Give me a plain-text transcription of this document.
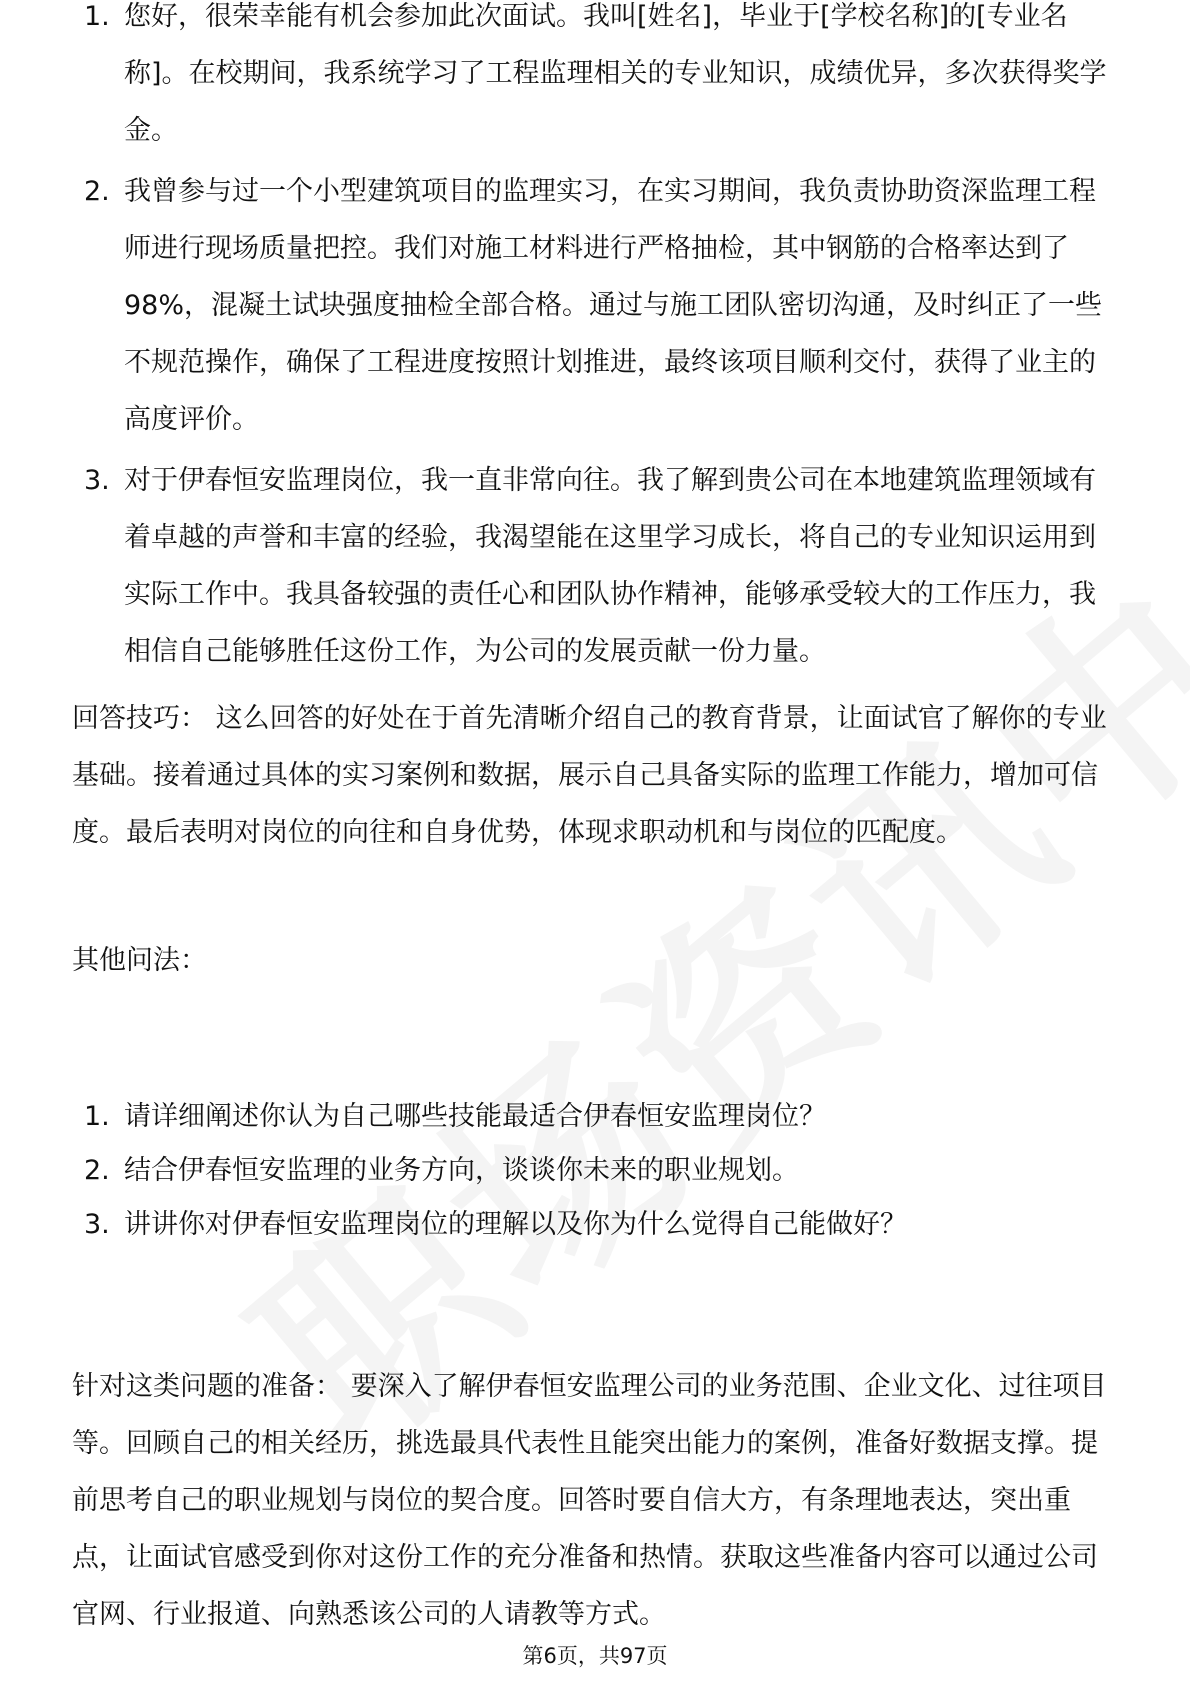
1. 您好，很荣幸能有机会参加此次面试。我叫[姓名]，毕业于[学校名称]的[专业名称]。在校期间，我系统学习了工程监理相关的专业知识，成绩优异，多次获得奖学金。
2. 我曾参与过一个小型建筑项目的监理实习，在实习期间，我负责协助资深监理工程师进行现场质量把控。我们对施工材料进行严格抽检，其中钢筋的合格率达到了 98%，混凝土试块强度抽检全部合格。通过与施工团队密切沟通，及时纠正了一些不规范操作，确保了工程进度按照计划推进，最终该项目顺利交付，获得了业主的高度评价。
3. 对于伊春恒安监理岗位，我一直非常向往。我了解到贵公司在本地建筑监理领域有着卓越的声誉和丰富的经验，我渴望能在这里学习成长，将自己的专业知识运用到实际工作中。我具备较强的责任心和团队协作精神，能够承受较大的工作压力，我相信自己能够胜任这份工作，为公司的发展贡献一份力量。

回答技巧： 这么回答的好处在于首先清晰介绍自己的教育背景，让面试官了解你的专业基础。接着通过具体的实习案例和数据，展示自己具备实际的监理工作能力，增加可信度。最后表明对岗位的向往和自身优势，体现求职动机和与岗位的匹配度。

其他问法：

1. 请详细阐述你认为自己哪些技能最适合伊春恒安监理岗位？
2. 结合伊春恒安监理的业务方向，谈谈你未来的职业规划。
3. 讲讲你对伊春恒安监理岗位的理解以及你为什么觉得自己能做好？

针对这类问题的准备： 要深入了解伊春恒安监理公司的业务范围、企业文化、过往项目等。回顾自己的相关经历，挑选最具代表性且能突出能力的案例，准备好数据支撑。提前思考自己的职业规划与岗位的契合度。回答时要自信大方，有条理地表达，突出重点，让面试官感受到你对这份工作的充分准备和热情。获取这些准备内容可以通过公司官网、行业报道、向熟悉该公司的人请教等方式。

第6页，共97页
